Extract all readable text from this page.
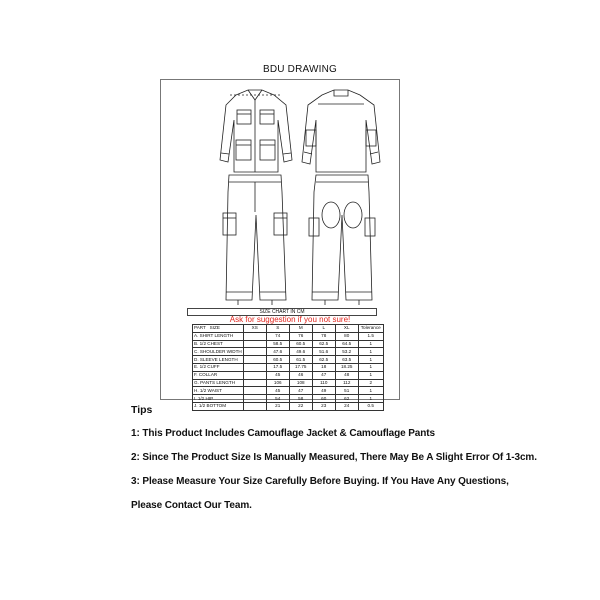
BDU DRAWING
SIZE CHART IN CM
Ask for suggestion if you not sure!
PART SIZE	XS	S	M	L	XL	Tolerance
A. SHIRT LENGTH		74	76	78	80	1.5
B. 1/2 CHEST		58.5	60.5	62.5	64.5	1
C. SHOULDER WIDTH		47.6	49.6	51.6	53.2	1
D. SLEEVE LENGTH		60.5	61.5	62.5	63.5	1
E. 1/2 CUFF		17.5	17.75	18	18.25	1
F. COLLAR		45	46	47	48	1
G. PANTS LENGTH		106	108	110	112	2
H. 1/2 WAIST		45	47	49	51	1
I. 1/2 HIP		54	58	60	62	1
J. 1/2 BOTTOM		21	22	23	24	0.5
Tips
1: This Product Includes Camouflage Jacket & Camouflage Pants
2: Since The Product Size Is Manually Measured, There May Be A Slight Error Of 1-3cm.
3: Please Measure Your Size Carefully Before Buying. If You Have Any Questions,
Please Contact Our Team.
